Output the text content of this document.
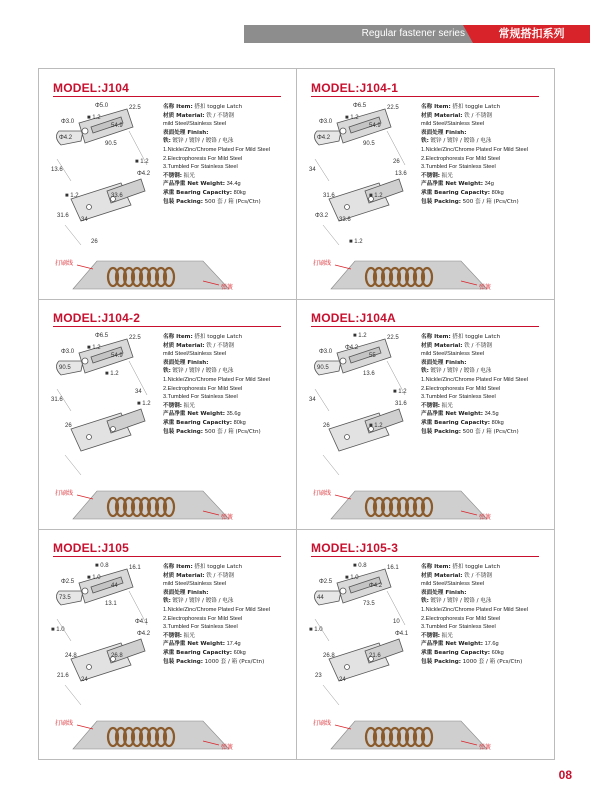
Regular fastener series	常规搭扣系列
MODEL:J104
Φ5.0	22.5
Φ3.0
■ 1.2
54.9
Φ4.2
90.5
■ 1.2
Φ4.2
13.6
■ 1.2	33.6
31.6
34
26
名称 Item: 搭扣 toggle Latch
材质 Material: 铁 / 不锈钢
mild Steel/Stainless Steel
表面处理 Finish:
铁: 镀锌 / 镀锌 / 镀铬 / 电泳
1.Nickle/Zinc/Chrome Plated For Mild Steel
2.Electrophoresis For Mild Steel
3.Tumbled For Stainless Steel
不锈钢: 振光
产品净重 Net Weight: 34.4g
承重 Bearing Capacity: 80kg
包装 Packing: 500 套 / 箱 (Pcs/Ctn)
打刷线
弹簧
MODEL:J104-1
Φ6.5	22.5
Φ3.0
■ 1.2
54.9
Φ4.2
90.5
26
13.6
34
31.6	■ 1.2
Φ3.2
33.6
■ 1.2
名称 Item: 搭扣 toggle Latch
材质 Material: 铁 / 不锈钢
mild Steel/Stainless Steel
表面处理 Finish:
铁: 镀锌 / 镀锌 / 镀铬 / 电泳
1.Nickle/Zinc/Chrome Plated For Mild Steel
2.Electrophoresis For Mild Steel
3.Tumbled For Stainless Steel
不锈钢: 振光
产品净重 Net Weight: 34g
承重 Bearing Capacity: 80kg
包装 Packing: 500 套 / 箱 (Pcs/Ctn)
打刷线
弹簧
MODEL:J104-2
Φ6.5	22.5
Φ3.0
■ 1.2
54.9
90.5
■ 1.2
34
■ 1.2
31.6
26
名称 Item: 搭扣 toggle Latch
材质 Material: 铁 / 不锈钢
mild Steel/Stainless Steel
表面处理 Finish:
铁: 镀锌 / 镀锌 / 镀铬 / 电泳
1.Nickle/Zinc/Chrome Plated For Mild Steel
2.Electrophoresis For Mild Steel
3.Tumbled For Stainless Steel
不锈钢: 振光
产品净重 Net Weight: 35.6g
承重 Bearing Capacity: 80kg
包装 Packing: 500 套 / 箱 (Pcs/Ctn)
打刷线
弹簧
MODEL:J104A
■ 1.2	22.5
Φ3.0
Φ4.2
55
90.5
13.6
■ 1.2
31.6
34
26	■ 1.2
名称 Item: 搭扣 toggle Latch
材质 Material: 铁 / 不锈钢
mild Steel/Stainless Steel
表面处理 Finish:
铁: 镀锌 / 镀锌 / 镀铬 / 电泳
1.Nickle/Zinc/Chrome Plated For Mild Steel
2.Electrophoresis For Mild Steel
3.Tumbled For Stainless Steel
不锈钢: 振光
产品净重 Net Weight: 34.5g
承重 Bearing Capacity: 80kg
包装 Packing: 500 套 / 箱 (Pcs/Ctn)
打刷线
弹簧
MODEL:J105
■ 0.8	16.1
Φ2.5
■ 1.0
44
73.5
13.1
Φ4.1
Φ4.2
■ 1.0
24.8	26.8
21.6
24
名称 Item: 搭扣 toggle Latch
材质 Material: 铁 / 不锈钢
mild Steel/Stainless Steel
表面处理 Finish:
铁: 镀锌 / 镀锌 / 镀铬 / 电泳
1.Nickle/Zinc/Chrome Plated For Mild Steel
2.Electrophoresis For Mild Steel
3.Tumbled For Stainless Steel
不锈钢: 振光
产品净重 Net Weight: 17.4g
承重 Bearing Capacity: 60kg
包装 Packing: 1000 套 / 箱 (Pcs/Ctn)
打刷线
弹簧
MODEL:J105-3
■ 0.8	16.1
Φ2.5
■ 1.0
Φ4.2
44
73.5
10
Φ4.1
■ 1.0
26.8	21.6
23
24
名称 Item: 搭扣 toggle Latch
材质 Material: 铁 / 不锈钢
mild Steel/Stainless Steel
表面处理 Finish:
铁: 镀锌 / 镀锌 / 镀铬 / 电泳
1.Nickle/Zinc/Chrome Plated For Mild Steel
2.Electrophoresis For Mild Steel
3.Tumbled For Stainless Steel
不锈钢: 振光
产品净重 Net Weight: 17.6g
承重 Bearing Capacity: 60kg
包装 Packing: 1000 套 / 箱 (Pcs/Ctn)
打刷线
弹簧
08
